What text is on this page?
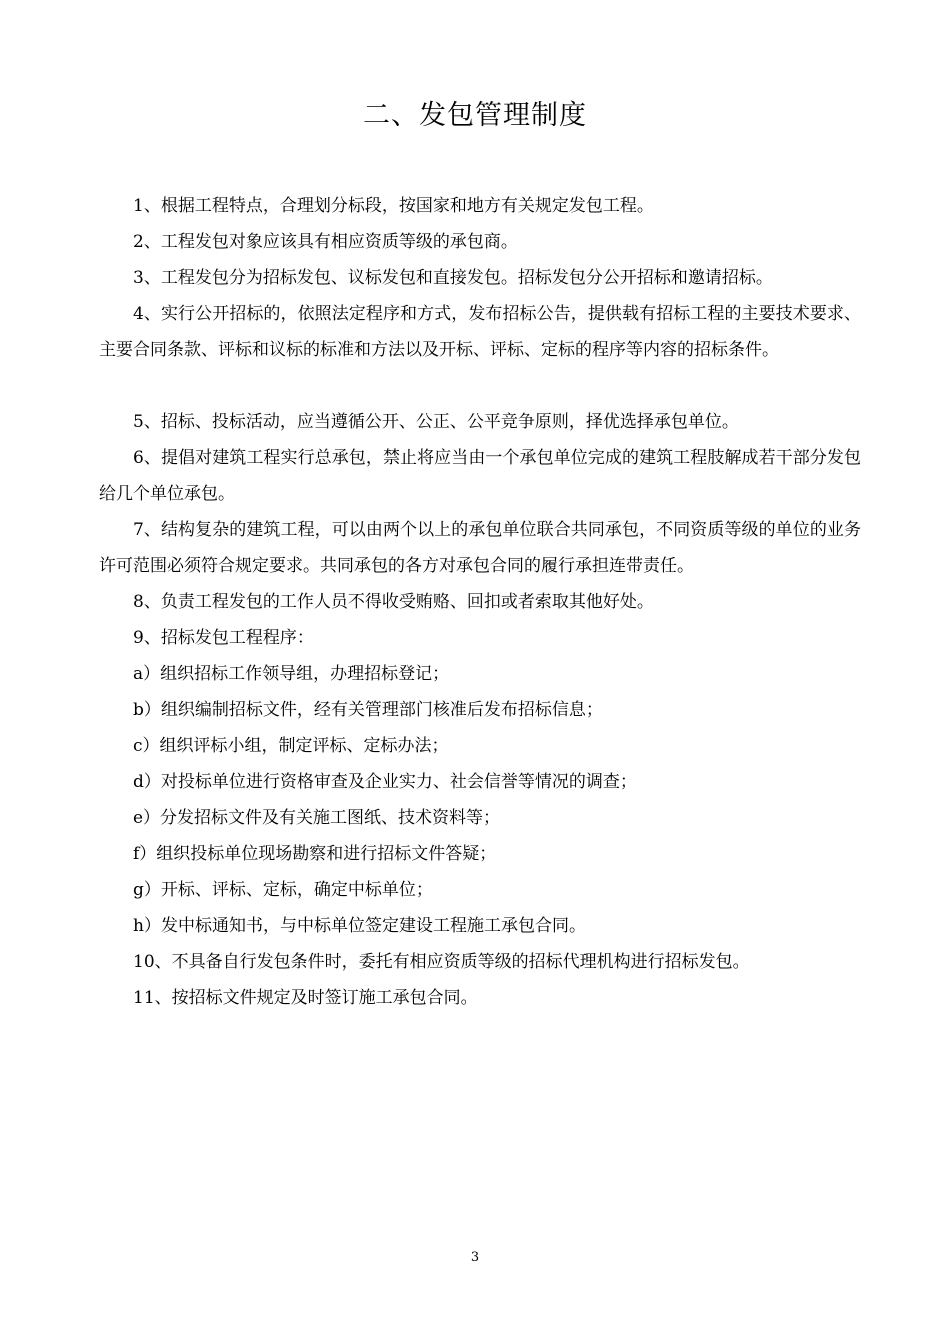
二、发包管理制度

1、根据工程特点，合理划分标段，按国家和地方有关规定发包工程。

2、工程发包对象应该具有相应资质等级的承包商。

3、工程发包分为招标发包、议标发包和直接发包。招标发包分公开招标和邀请招标。

4、实行公开招标的，依照法定程序和方式，发布招标公告，提供载有招标工程的主要技术要求、主要合同条款、评标和议标的标准和方法以及开标、评标、定标的程序等内容的招标条件。

5、招标、投标活动，应当遵循公开、公正、公平竞争原则，择优选择承包单位。

6、提倡对建筑工程实行总承包，禁止将应当由一个承包单位完成的建筑工程肢解成若干部分发包给几个单位承包。

7、结构复杂的建筑工程，可以由两个以上的承包单位联合共同承包，不同资质等级的单位的业务许可范围必须符合规定要求。共同承包的各方对承包合同的履行承担连带责任。

8、负责工程发包的工作人员不得收受贿赂、回扣或者索取其他好处。

9、招标发包工程程序：

a）组织招标工作领导组，办理招标登记；

b）组织编制招标文件，经有关管理部门核准后发布招标信息；

c）组织评标小组，制定评标、定标办法；

d）对投标单位进行资格审查及企业实力、社会信誉等情况的调查；

e）分发招标文件及有关施工图纸、技术资料等；

f）组织投标单位现场勘察和进行招标文件答疑；

g）开标、评标、定标，确定中标单位；

h）发中标通知书，与中标单位签定建设工程施工承包合同。

10、不具备自行发包条件时，委托有相应资质等级的招标代理机构进行招标发包。

11、按招标文件规定及时签订施工承包合同。

3
